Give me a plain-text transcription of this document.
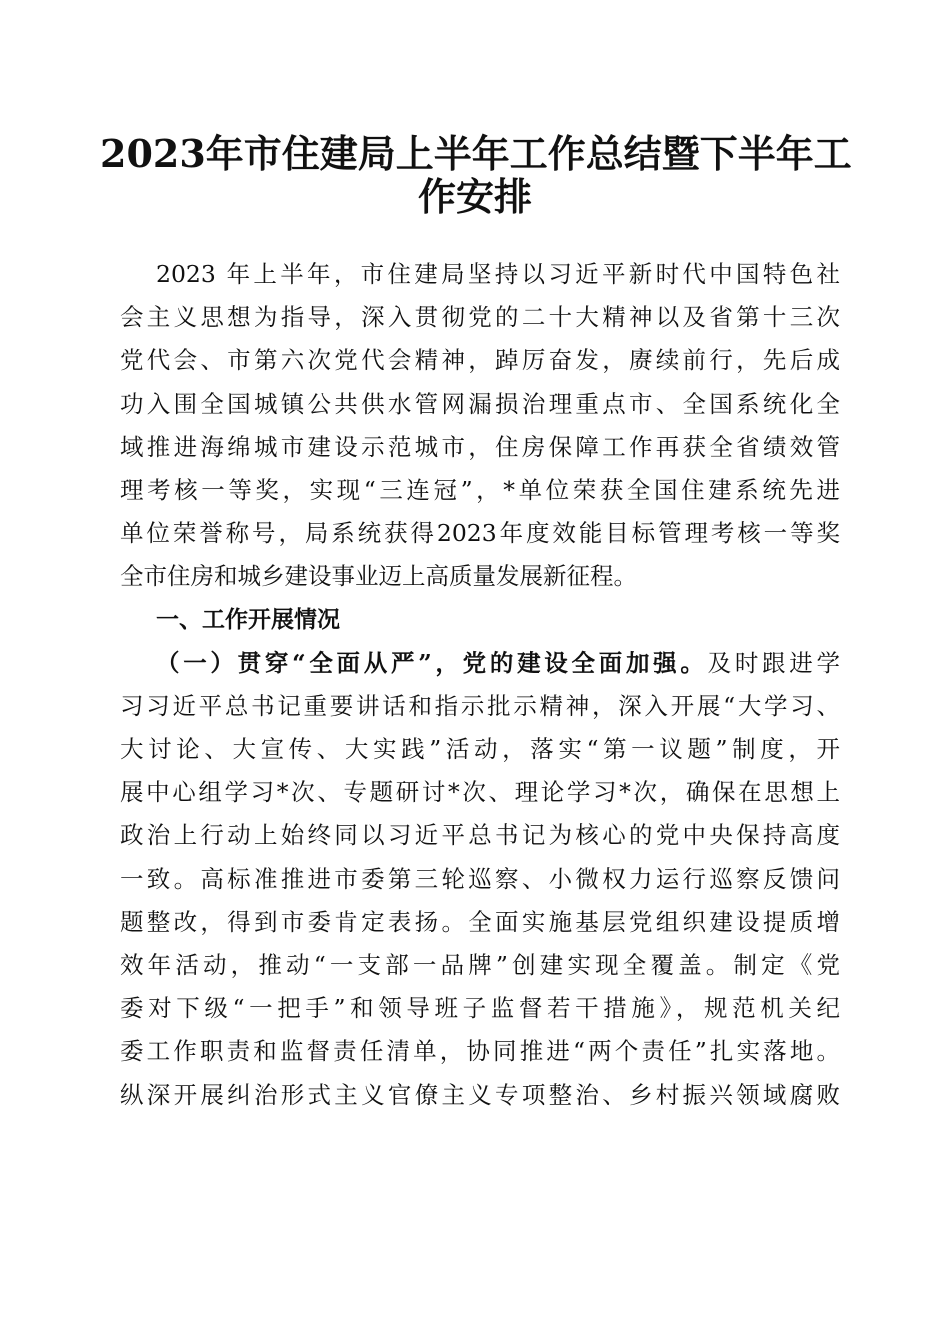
2023年市住建局上半年工作总结暨下半年工
作安排
2023 年上半年，市住建局坚持以习近平新时代中国特色社
会主义思想为指导，深入贯彻党的二十大精神以及省第十三次
党代会、市第六次党代会精神，踔厉奋发，赓续前行，先后成
功入围全国城镇公共供水管网漏损治理重点市、全国系统化全
域推进海绵城市建设示范城市，住房保障工作再获全省绩效管
理考核一等奖，实现“三连冠”，*单位荣获全国住建系统先进
单位荣誉称号，局系统获得2023年度效能目标管理考核一等奖
全市住房和城乡建设事业迈上高质量发展新征程。
一、工作开展情况
（一）贯穿“全面从严”，党的建设全面加强。及时跟进学
习习近平总书记重要讲话和指示批示精神，深入开展“大学习、
大讨论、大宣传、大实践”活动，落实“第一议题”制度，开
展中心组学习*次、专题研讨*次、理论学习*次，确保在思想上
政治上行动上始终同以习近平总书记为核心的党中央保持高度
一致。高标准推进市委第三轮巡察、小微权力运行巡察反馈问
题整改，得到市委肯定表扬。全面实施基层党组织建设提质增
效年活动，推动“一支部一品牌”创建实现全覆盖。制定《党
委对下级“一把手”和领导班子监督若干措施》，规范机关纪
委工作职责和监督责任清单，协同推进“两个责任”扎实落地。
纵深开展纠治形式主义官僚主义专项整治、乡村振兴领域腐败
